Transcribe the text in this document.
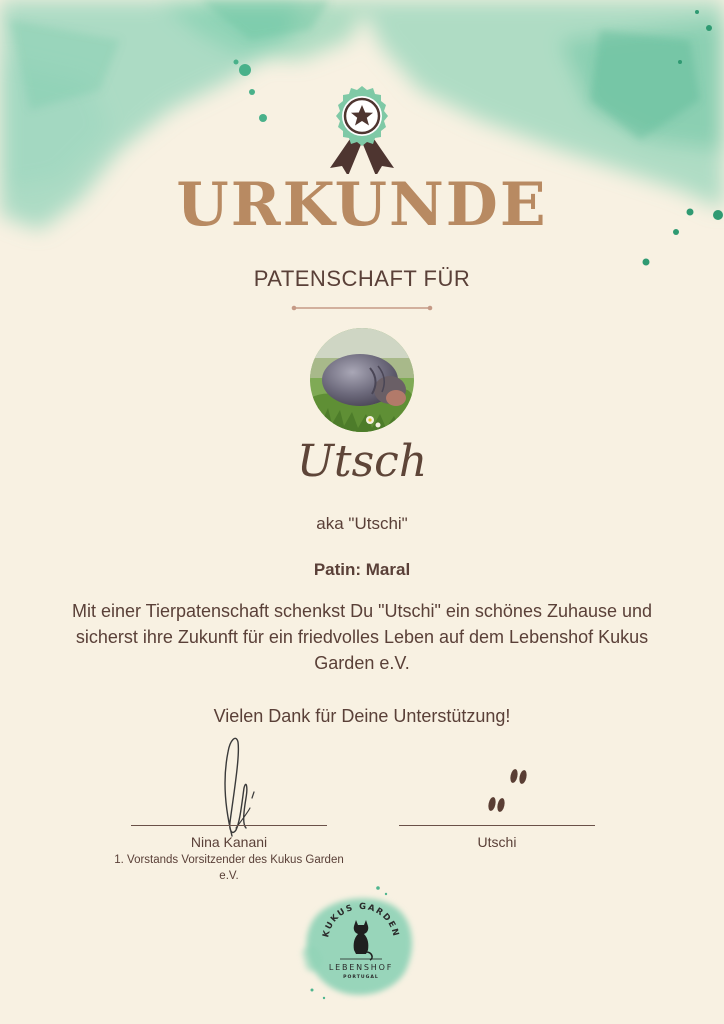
URKUNDE
PATENSCHAFT FÜR
Utsch
aka "Utschi"
Patin: Maral
Mit einer Tierpatenschaft schenkst Du "Utschi" ein schönes Zuhause und sicherst ihre Zukunft für ein friedvolles Leben auf dem Lebenshof Kukus Garden e.V.
Vielen Dank für Deine Unterstützung!
Nina Kanani
1. Vorstands Vorsitzender des Kukus Garden e.V.
Utschi
KUKUS GARDEN
LEBENSHOF
PORTUGAL
